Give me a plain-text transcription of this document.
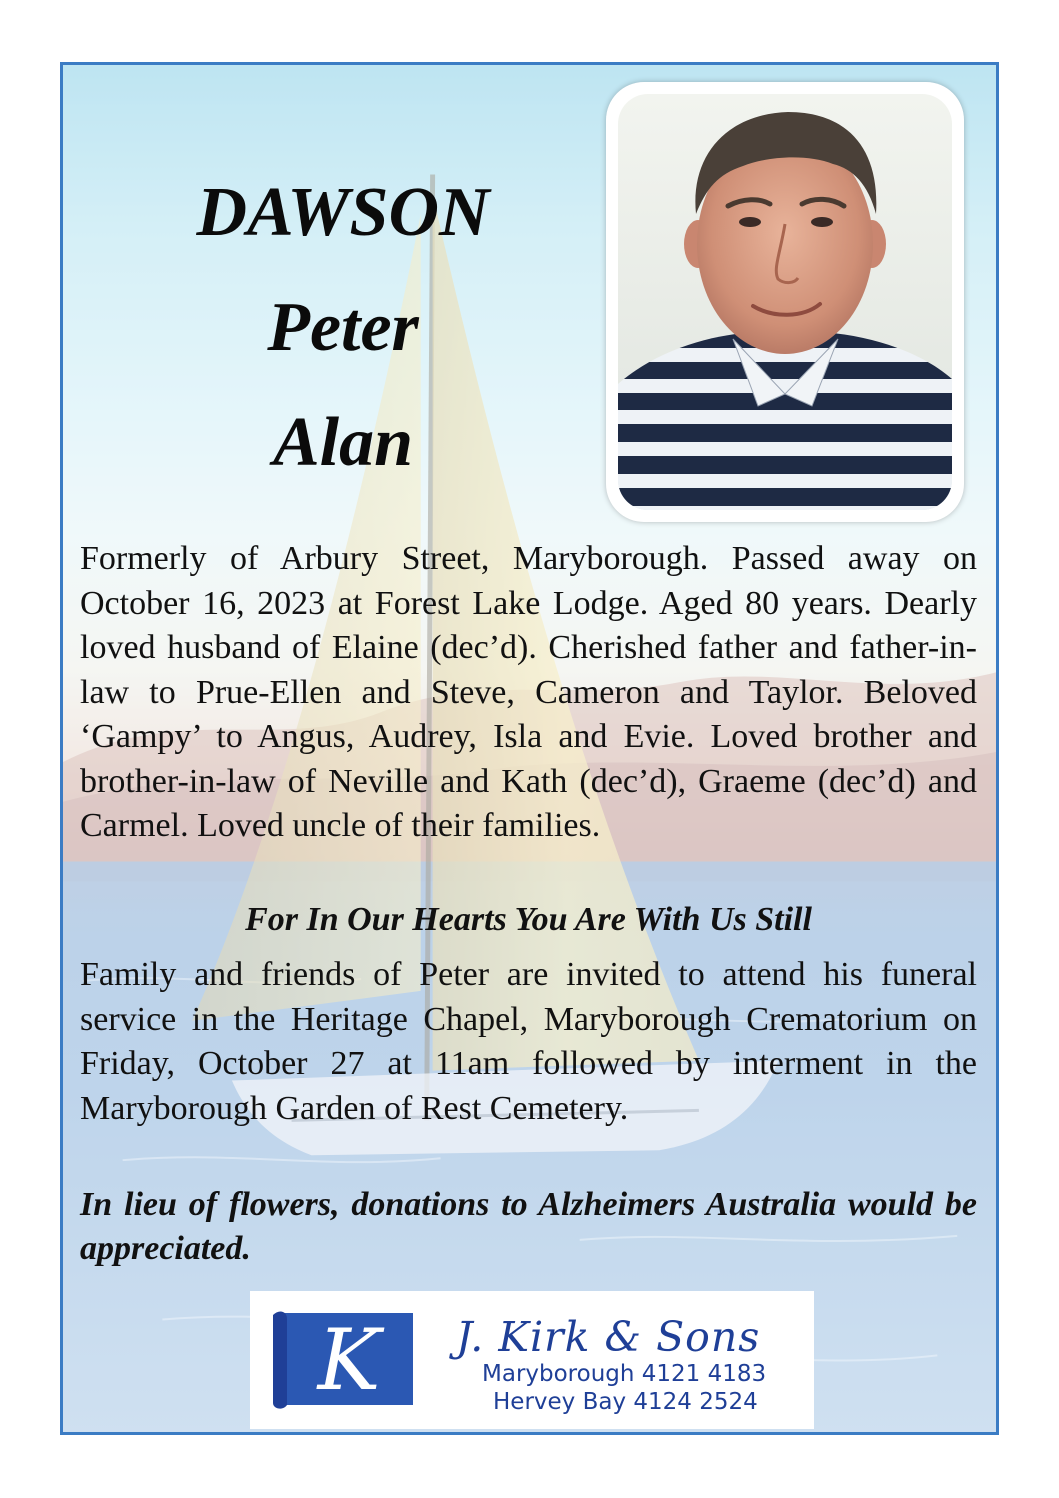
DAWSON

Peter

Alan

Formerly of Arbury Street, Maryborough. Passed away on October 16, 2023 at Forest Lake Lodge. Aged 80 years. Dearly loved husband of Elaine (dec’d). Cherished father and father-in-law to Prue-Ellen and Steve, Cameron and Taylor. Beloved ‘Gampy’ to Angus, Audrey, Isla and Evie. Loved brother and brother-in-law of Neville and Kath (dec’d), Graeme (dec’d) and Carmel. Loved uncle of their families.

For In Our Hearts You Are With Us Still

Family and friends of Peter are invited to attend his funeral service in the Heritage Chapel, Maryborough Crematorium on Friday, October 27 at 11am followed by interment in the Maryborough Garden of Rest Cemetery.

In lieu of flowers, donations to Alzheimers Australia would be appreciated.

K J. Kirk & Sons
Maryborough 4121 4183
Hervey Bay 4124 2524
